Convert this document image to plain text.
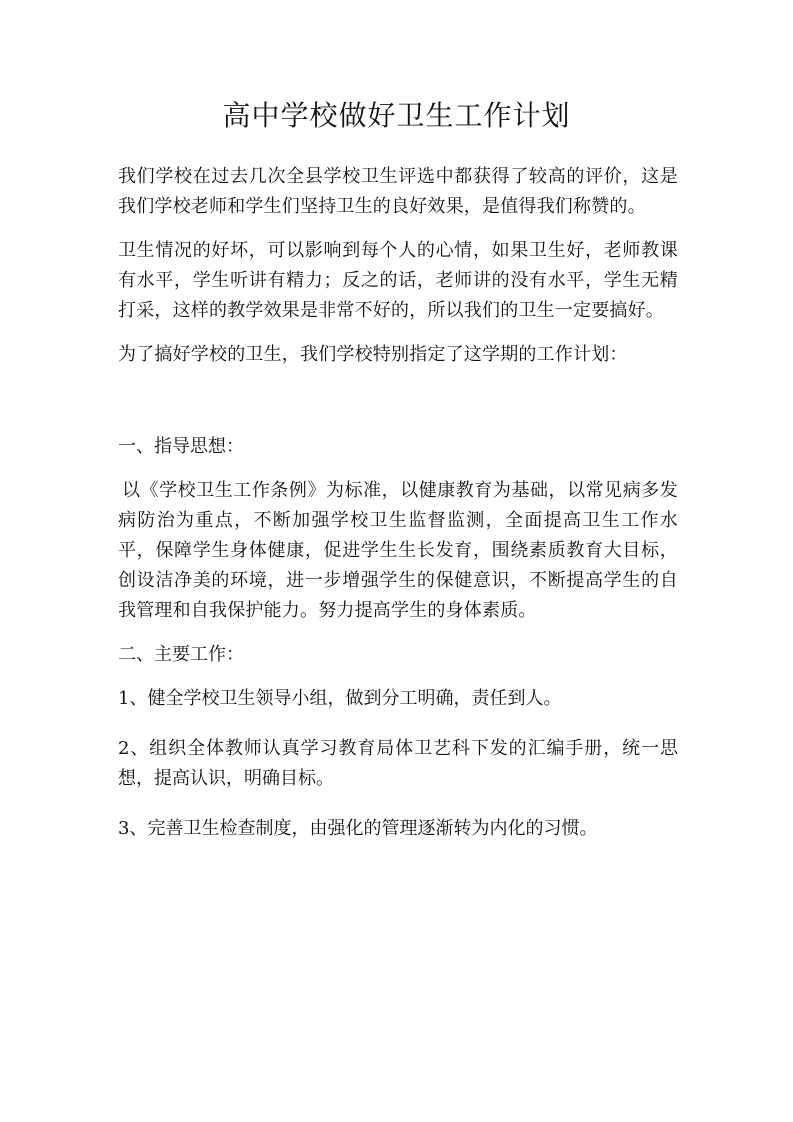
高中学校做好卫生工作计划

我们学校在过去几次全县学校卫生评选中都获得了较高的评价，这是我们学校老师和学生们坚持卫生的良好效果，是值得我们称赞的。

卫生情况的好坏，可以影响到每个人的心情，如果卫生好，老师教课有水平，学生听讲有精力；反之的话，老师讲的没有水平，学生无精打采，这样的教学效果是非常不好的，所以我们的卫生一定要搞好。

为了搞好学校的卫生，我们学校特别指定了这学期的工作计划：

一、指导思想：

以《学校卫生工作条例》为标准，以健康教育为基础，以常见病多发病防治为重点，不断加强学校卫生监督监测，全面提高卫生工作水平，保障学生身体健康，促进学生生长发育，围绕素质教育大目标，创设洁净美的环境，进一步增强学生的保健意识，不断提高学生的自我管理和自我保护能力。努力提高学生的身体素质。

二、主要工作：

1、健全学校卫生领导小组，做到分工明确，责任到人。

2、组织全体教师认真学习教育局体卫艺科下发的汇编手册，统一思想，提高认识，明确目标。

3、完善卫生检查制度，由强化的管理逐渐转为内化的习惯。
